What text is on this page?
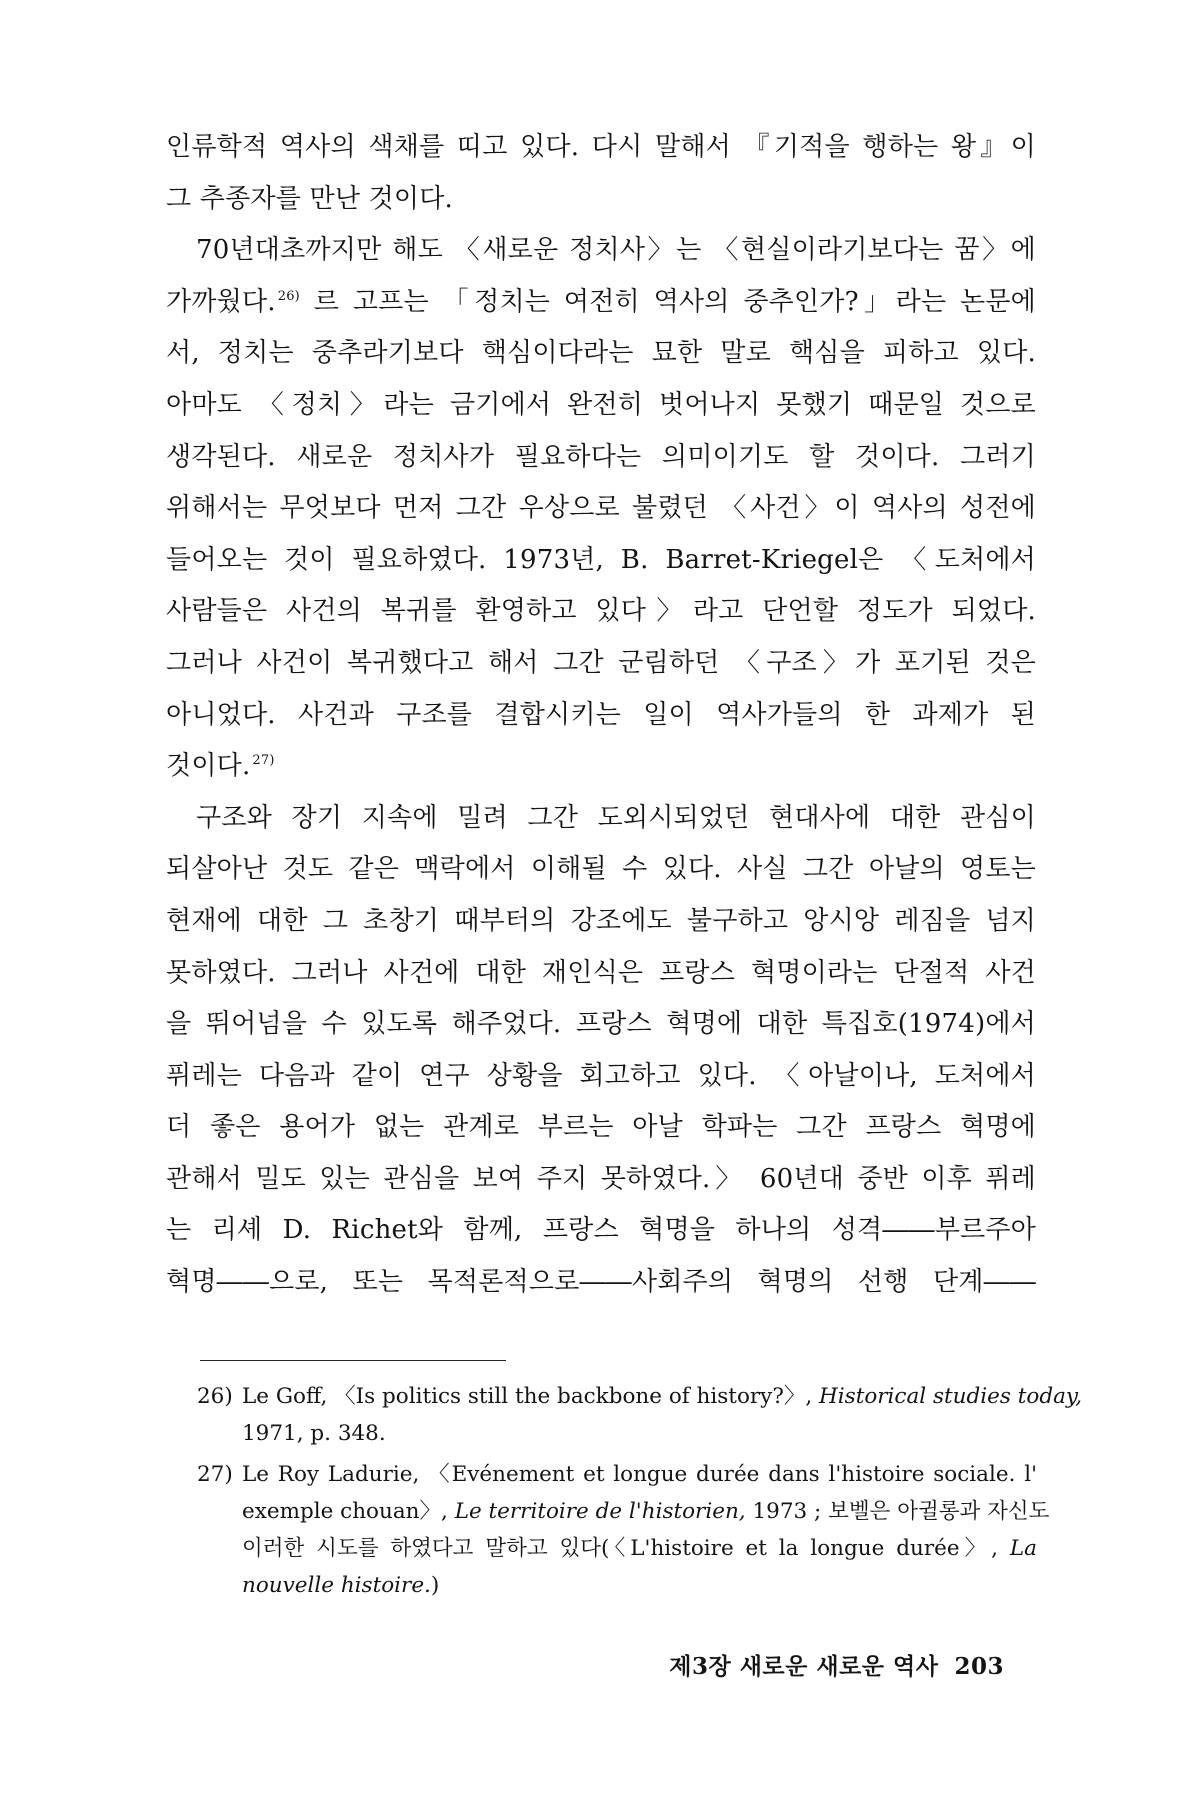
인류학적 역사의 색채를 띠고 있다. 다시 말해서 『기적을 행하는 왕』이
그 추종자를 만난 것이다.
70년대초까지만 해도 〈새로운 정치사〉는 〈현실이라기보다는 꿈〉에
가까웠다. $^{26)}$ 르 고프는 「정치는 여전히 역사의 중추인가?」라는 논문에
서, 정치는 중추라기보다 핵심이다라는 묘한 말로 핵심을 피하고 있다.
아마도 〈정치〉라는 금기에서 완전히 벗어나지 못했기 때문일 것으로
생각된다. 새로운 정치사가 필요하다는 의미이기도 할 것이다. 그러기
위해서는 무엇보다 먼저 그간 우상으로 불렸던 〈사건〉이 역사의 성전에
들어오는 것이 필요하였다. 1973년, B. Barret-Kriegel은 〈도처에서
사람들은 사건의 복귀를 환영하고 있다〉라고 단언할 정도가 되었다.
그러나 사건이 복귀했다고 해서 그간 군림하던 〈구조〉가 포기된 것은
아니었다. 사건과 구조를 결합시키는 일이 역사가들의 한 과제가 된
것이다. $^{27)}$
구조와 장기 지속에 밀려 그간 도외시되었던 현대사에 대한 관심이
되살아난 것도 같은 맥락에서 이해될 수 있다. 사실 그간 아날의 영토는
현재에 대한 그 초창기 때부터의 강조에도 불구하고 앙시앙 레짐을 넘지
못하였다. 그러나 사건에 대한 재인식은 프랑스 혁명이라는 단절적 사건
을 뛰어넘을 수 있도록 해주었다. 프랑스 혁명에 대한 특집호(1974)에서
퓌레는 다음과 같이 연구 상황을 회고하고 있다. 〈아날이나, 도처에서
더 좋은 용어가 없는 관계로 부르는 아날 학파는 그간 프랑스 혁명에
관해서 밀도 있는 관심을 보여 주지 못하였다.〉 60년대 중반 이후 퓌레
는 리셰 D. Richet와 함께, 프랑스 혁명을 하나의 성격――부르주아
혁명――으로, 또는 목적론적으로――사회주의 혁명의 선행 단계――
26) Le Goff, 〈Is politics still the backbone of history?〉, Historical studies today,
1971, p. 348.
27) Le Roy Ladurie, 〈Evénement et longue durée dans l'histoire sociale. l'
exemple chouan〉, Le territoire de l'historien, 1973 ; 보벨은 아귈롱과 자신도
이러한 시도를 하였다고 말하고 있다(〈L'histoire et la longue durée〉, La
nouvelle histoire.)
제3장 새로운 새로운 역사 203
